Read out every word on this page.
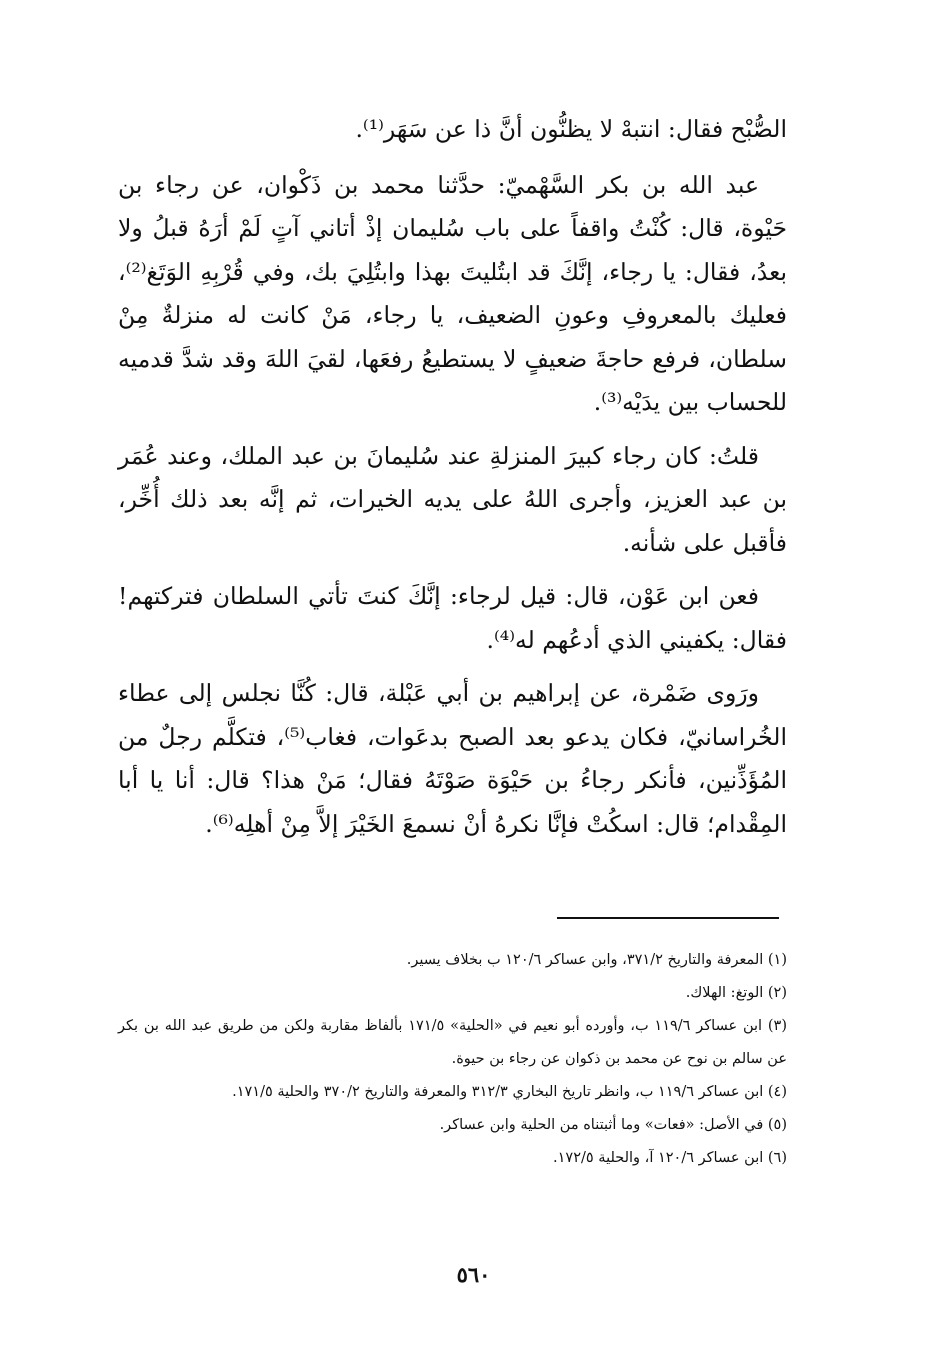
الصُّبْح فقال: انتبهْ لا يظنُّون أنَّ ذا عن سَهَر⁽¹⁾.

عبد الله بن بكر السَّهْميّ: حدَّثنا محمد بن ذَكْوان، عن رجاء بن حَيْوة، قال: كُنْتُ واقفاً على باب سُليمان إذْ أتاني آتٍ لَمْ أرَهُ قبلُ ولا بعدُ، فقال: يا رجاء، إنَّكَ قد ابتُليتَ بهذا وابتُلِيَ بك، وفي قُرْبِهِ الوَتَغ⁽²⁾، فعليك بالمعروفِ وعونِ الضعيف، يا رجاء، مَنْ كانت له منزلةٌ مِنْ سلطان، فرفع حاجةَ ضعيفٍ لا يستطيعُ رفعَها، لقيَ اللهَ وقد شدَّ قدميه للحساب بين يدَيْه⁽³⁾.

قلتُ: كان رجاء كبيرَ المنزلةِ عند سُليمانَ بن عبد الملك، وعند عُمَر بن عبد العزيز، وأجرى اللهُ على يديه الخيرات، ثم إنَّه بعد ذلك أُخِّر، فأقبل على شأنه.

فعن ابن عَوْن، قال: قيل لرجاء: إنَّكَ كنتَ تأتي السلطان فتركتهم! فقال: يكفيني الذي أدعُهم له⁽⁴⁾.

ورَوى ضَمْرة، عن إبراهيم بن أبي عَبْلة، قال: كُنَّا نجلس إلى عطاء الخُراسانيّ، فكان يدعو بعد الصبح بدعَوات، فغاب⁽⁵⁾، فتكلَّم رجلٌ من المُؤَذِّنين، فأنكر رجاءُ بن حَيْوَة صَوْتَهُ فقال؛ مَنْ هذا؟ قال: أنا يا أبا المِقْدام؛ قال: اسكُتْ فإنَّا نكرهُ أنْ نسمعَ الخَيْرَ إلاَّ مِنْ أهلِه⁽⁶⁾.

(١) المعرفة والتاريخ ٣٧١/٢، وابن عساكر ١٢٠/٦ ب بخلاف يسير.

(٢) الوتغ: الهلاك.

(٣) ابن عساكر ١١٩/٦ ب، وأورده أبو نعيم في «الحلية» ١٧١/٥ بألفاظ مقاربة ولكن من طريق عبد الله بن بكر عن سالم بن نوح عن محمد بن ذكوان عن رجاء بن حيوة.

(٤) ابن عساكر ١١٩/٦ ب، وانظر تاريخ البخاري ٣١٢/٣ والمعرفة والتاريخ ٣٧٠/٢ والحلية ١٧١/٥.

(٥) في الأصل: «فعات» وما أثبتناه من الحلية وابن عساكر.

(٦) ابن عساكر ١٢٠/٦ آ، والحلية ١٧٢/٥.

٥٦٠
